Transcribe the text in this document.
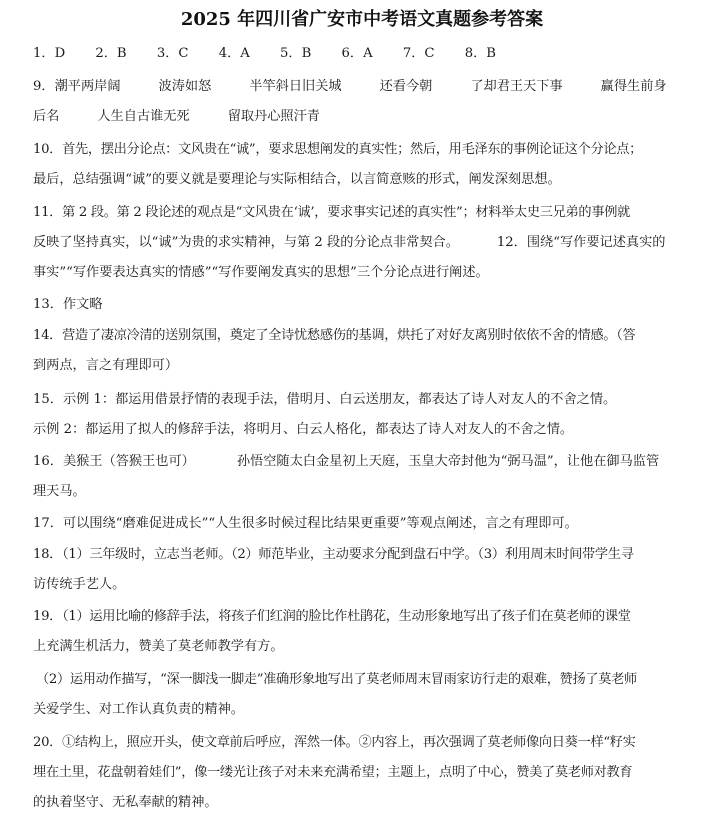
2025 年四川省广安市中考语文真题参考答案
1．D 2．B 3．C 4．A 5．B 6．A 7．C 8．B
9．潮平两岸阔	波涛如怒	半竿斜日旧关城	还看今朝	了却君王天下事	赢得生前身
后名	人生自古谁无死	留取丹心照汗青
10．首先，摆出分论点：文风贵在“诚”，要求思想阐发的真实性；然后，用毛泽东的事例论证这个分论点；
最后，总结强调“诚”的要义就是要理论与实际相结合，以言简意赅的形式，阐发深刻思想。
11．第 2 段。第 2 段论述的观点是“文风贵在‘诚’，要求事实记述的真实性”；材料举太史三兄弟的事例就
反映了坚持真实，以“诚”为贵的求实精神，与第 2 段的分论点非常契合。	12．围绕“写作要记述真实的
事实”“写作要表达真实的情感”“写作要阐发真实的思想”三个分论点进行阐述。
13．作文略
14．营造了凄凉冷清的送别氛围，奠定了全诗忧愁感伤的基调，烘托了对好友离别时依依不舍的情感。（答
到两点，言之有理即可）
15．示例 1：都运用借景抒情的表现手法，借明月、白云送朋友，都表达了诗人对友人的不舍之情。
示例 2：都运用了拟人的修辞手法，将明月、白云人格化，都表达了诗人对友人的不舍之情。
16．美猴王（答猴王也可）	孙悟空随太白金星初上天庭，玉皇大帝封他为“弼马温”，让他在御马监管
理天马。
17．可以围绕“磨难促进成长”“人生很多时候过程比结果更重要”等观点阐述，言之有理即可。
18．（1）三年级时，立志当老师。（2）师范毕业，主动要求分配到盘石中学。（3）利用周末时间带学生寻
访传统手艺人。
19．（1）运用比喻的修辞手法，将孩子们红润的脸比作杜鹃花，生动形象地写出了孩子们在莫老师的课堂
上充满生机活力，赞美了莫老师教学有方。
（2）运用动作描写，“深一脚浅一脚走”准确形象地写出了莫老师周末冒雨家访行走的艰难，赞扬了莫老师
关爱学生、对工作认真负责的精神。
20．①结构上，照应开头，使文章前后呼应，浑然一体。②内容上，再次强调了莫老师像向日葵一样“籽实
埋在土里，花盘朝着娃们”，像一缕光让孩子对未来充满希望；主题上，点明了中心，赞美了莫老师对教育
的执着坚守、无私奉献的精神。
